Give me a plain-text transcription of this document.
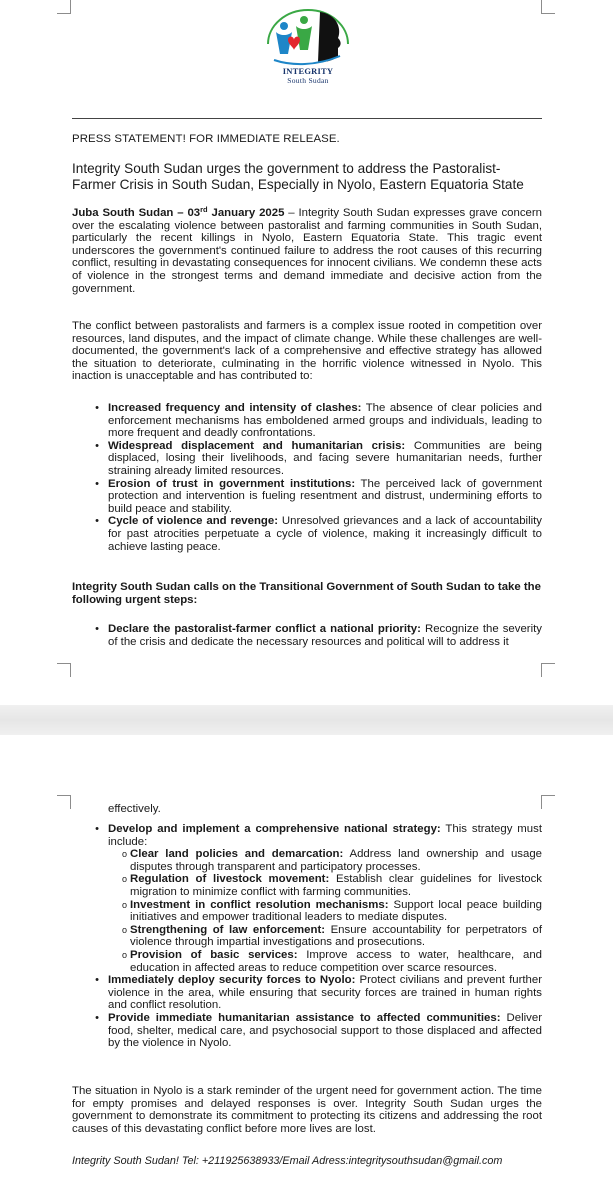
INTEGRITY
South Sudan
PRESS STATEMENT! FOR IMMEDIATE RELEASE.
Integrity South Sudan urges the government to address the Pastoralist-Farmer Crisis in South Sudan, Especially in Nyolo, Eastern Equatoria State
Juba South Sudan – 03rd January 2025 – Integrity South Sudan expresses grave concern over the escalating violence between pastoralist and farming communities in South Sudan, particularly the recent killings in Nyolo, Eastern Equatoria State. This tragic event underscores the government's continued failure to address the root causes of this recurring conflict, resulting in devastating consequences for innocent civilians. We condemn these acts of violence in the strongest terms and demand immediate and decisive action from the government.
The conflict between pastoralists and farmers is a complex issue rooted in competition over resources, land disputes, and the impact of climate change. While these challenges are well-documented, the government's lack of a comprehensive and effective strategy has allowed the situation to deteriorate, culminating in the horrific violence witnessed in Nyolo. This inaction is unacceptable and has contributed to:
• Increased frequency and intensity of clashes: The absence of clear policies and enforcement mechanisms has emboldened armed groups and individuals, leading to more frequent and deadly confrontations.
• Widespread displacement and humanitarian crisis: Communities are being displaced, losing their livelihoods, and facing severe humanitarian needs, further straining already limited resources.
• Erosion of trust in government institutions: The perceived lack of government protection and intervention is fueling resentment and distrust, undermining efforts to build peace and stability.
• Cycle of violence and revenge: Unresolved grievances and a lack of accountability for past atrocities perpetuate a cycle of violence, making it increasingly difficult to achieve lasting peace.
Integrity South Sudan calls on the Transitional Government of South Sudan to take the following urgent steps:
• Declare the pastoralist-farmer conflict a national priority: Recognize the severity of the crisis and dedicate the necessary resources and political will to address it
effectively.
• Develop and implement a comprehensive national strategy: This strategy must include:
o Clear land policies and demarcation: Address land ownership and usage disputes through transparent and participatory processes.
o Regulation of livestock movement: Establish clear guidelines for livestock migration to minimize conflict with farming communities.
o Investment in conflict resolution mechanisms: Support local peace building initiatives and empower traditional leaders to mediate disputes.
o Strengthening of law enforcement: Ensure accountability for perpetrators of violence through impartial investigations and prosecutions.
o Provision of basic services: Improve access to water, healthcare, and education in affected areas to reduce competition over scarce resources.
• Immediately deploy security forces to Nyolo: Protect civilians and prevent further violence in the area, while ensuring that security forces are trained in human rights and conflict resolution.
• Provide immediate humanitarian assistance to affected communities: Deliver food, shelter, medical care, and psychosocial support to those displaced and affected by the violence in Nyolo.
The situation in Nyolo is a stark reminder of the urgent need for government action. The time for empty promises and delayed responses is over. Integrity South Sudan urges the government to demonstrate its commitment to protecting its citizens and addressing the root causes of this devastating conflict before more lives are lost.
Integrity South Sudan! Tel: +211925638933/Email Adress:integritysouthsudan@gmail.com
